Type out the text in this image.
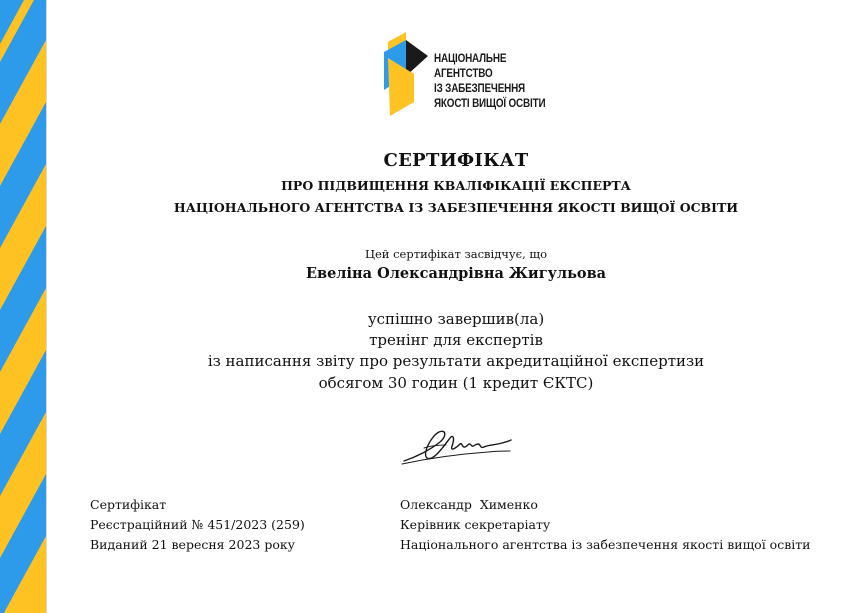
НАЦІОНАЛЬНЕ
АГЕНТСТВО
ІЗ ЗАБЕЗПЕЧЕННЯ
ЯКОСТІ ВИЩОЇ ОСВІТИ
СЕРТИФІКАТ
ПРО ПІДВИЩЕННЯ КВАЛІФІКАЦІЇ ЕКСПЕРТА
НАЦІОНАЛЬНОГО АГЕНТСТВА ІЗ ЗАБЕЗПЕЧЕННЯ ЯКОСТІ ВИЩОЇ ОСВІТИ
Цей сертифікат засвідчує, що
Евеліна Олександрівна Жигульова
успішно завершив(ла)
тренінг для експертів
із написання звіту про результати акредитаційної експертизи
обсягом 30 годин (1 кредит ЄКТС)
Сертифікат
Реєстраційний № 451/2023 (259)
Виданий 21 вересня 2023 року
Олександр  Хименко
Керівник секретаріату
Національного агентства із забезпечення якості вищої освіти
